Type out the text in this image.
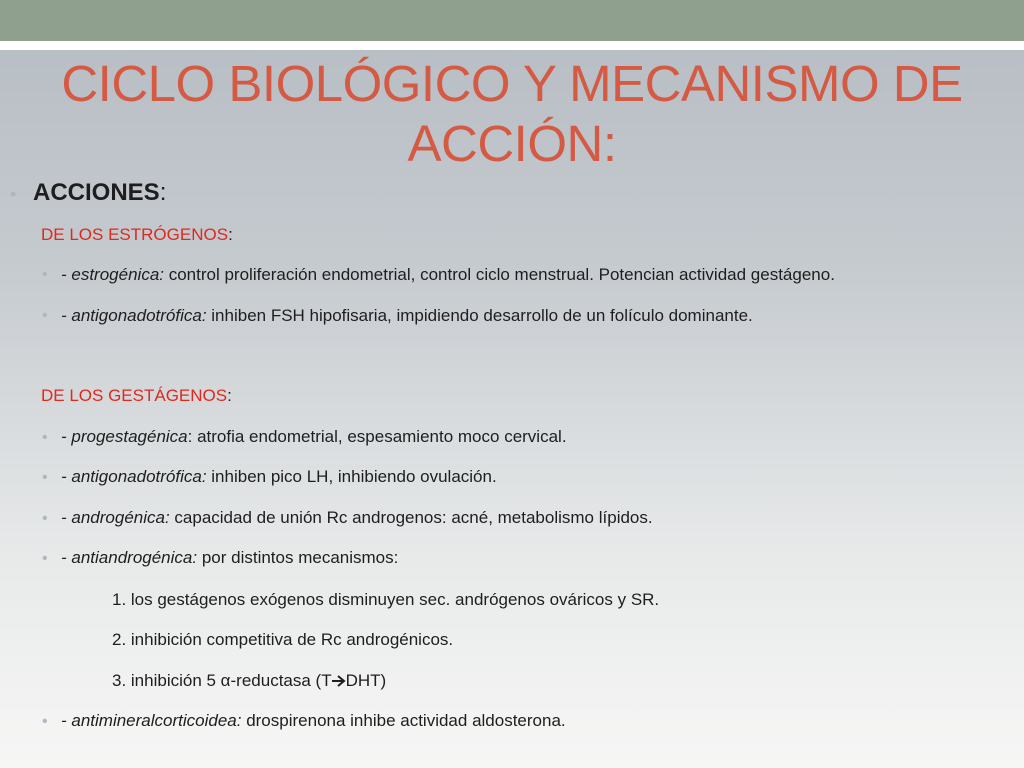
CICLO BIOLÓGICO Y MECANISMO DE
ACCIÓN:
• ACCIONES:
DE LOS ESTRÓGENOS:
• - estrogénica: control proliferación endometrial, control ciclo menstrual. Potencian actividad gestágeno.
• - antigonadotrófica: inhiben FSH hipofisaria, impidiendo desarrollo de un folículo dominante.
DE LOS GESTÁGENOS:
• - progestagénica: atrofia endometrial, espesamiento moco cervical.
• - antigonadotrófica: inhiben pico LH, inhibiendo ovulación.
• - androgénica: capacidad de unión Rc androgenos: acné, metabolismo lípidos.
• - antiandrogénica: por distintos mecanismos:
1. los gestágenos exógenos disminuyen sec. andrógenos ováricos y SR.
2. inhibición competitiva de Rc androgénicos.
3. inhibición 5 α-reductasa (T DHT)
• - antimineralcorticoidea: drospirenona inhibe actividad aldosterona.
